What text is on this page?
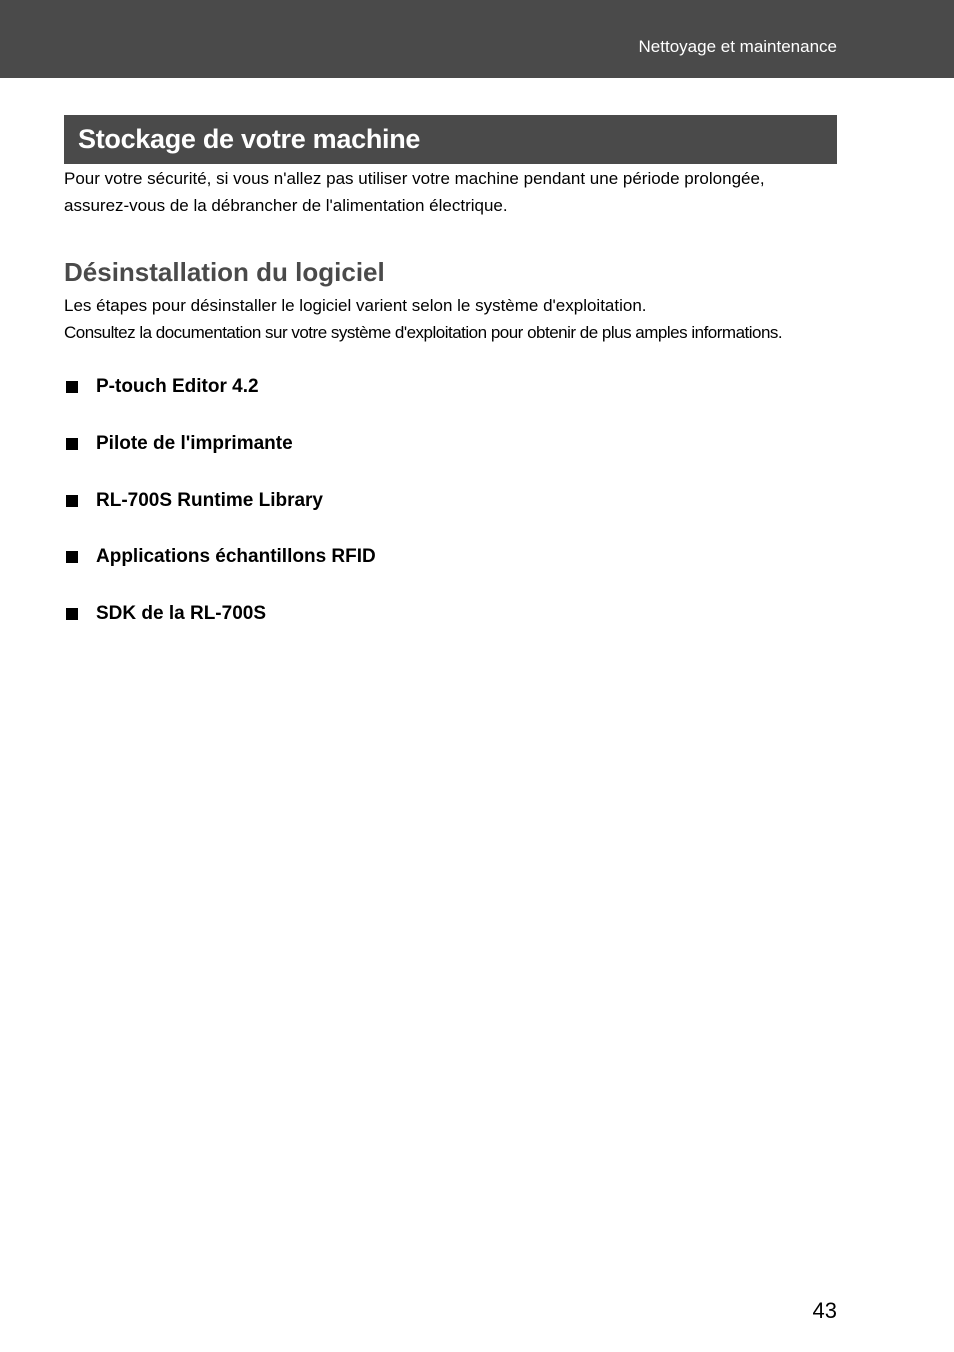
Nettoyage et maintenance
Stockage de votre machine
Pour votre sécurité, si vous n'allez pas utiliser votre machine pendant une période prolongée,
assurez-vous de la débrancher de l'alimentation électrique.
Désinstallation du logiciel
Les étapes pour désinstaller le logiciel varient selon le système d'exploitation.
Consultez la documentation sur votre système d'exploitation pour obtenir de plus amples informations.
P-touch Editor 4.2
Pilote de l'imprimante
RL-700S Runtime Library
Applications échantillons RFID
SDK de la RL-700S
43
